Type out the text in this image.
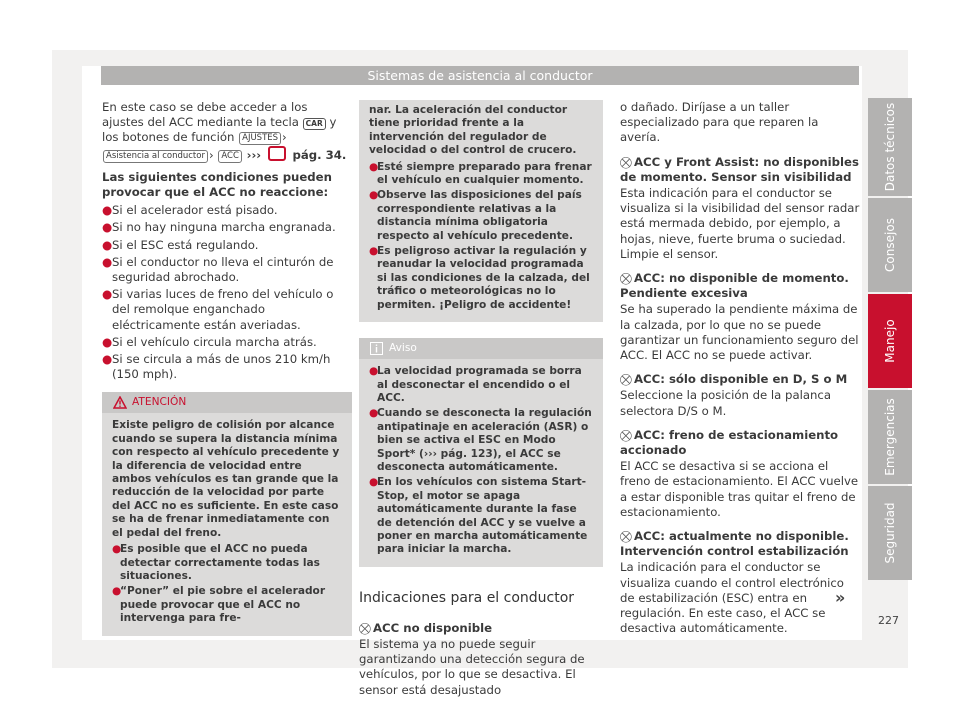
Sistemas de asistencia al conductor

En este caso se debe acceder a los ajustes del ACC mediante la tecla CAR y los botones de función AJUSTES › Asistencia al conductor › ACC ›››	pág. 34.

Las siguientes condiciones pueden provocar que el ACC no reaccione:

● Si el acelerador está pisado.
● Si no hay ninguna marcha engranada.
● Si el ESC está regulando.
● Si el conductor no lleva el cinturón de seguridad abrochado.
● Si varias luces de freno del vehículo o del remolque enganchado eléctricamente están averiadas.
● Si el vehículo circula marcha atrás.
● Si se circula a más de unos 210 km/h (150 mph).
ATENCIÓN

Existe peligro de colisión por alcance cuando se supera la distancia mínima con respecto al vehículo precedente y la diferencia de velocidad entre ambos vehículos es tan grande que la reducción de la velocidad por parte del ACC no es suficiente. En este caso se ha de frenar inmediatamente con el pedal del freno.

●
Es posible que el ACC no pueda detectar correctamente todas las situaciones.
●
“Poner” el pie sobre el acelerador puede provocar que el ACC no intervenga para fre-

nar. La aceleración del conductor tiene prioridad frente a la intervención del regulador de velocidad o del control de crucero.

●
Esté siempre preparado para frenar el vehículo en cualquier momento.
●
Observe las disposiciones del país correspondiente relativas a la distancia mínima obligatoria respecto al vehículo precedente.
●
Es peligroso activar la regulación y reanudar la velocidad programada si las condiciones de la calzada, del tráfico o meteorológicas no lo permiten. ¡Peligro de accidente!
Aviso
●
La velocidad programada se borra al desconectar el encendido o el ACC.
●
Cuando se desconecta la regulación antipatinaje en aceleración (ASR) o bien se activa el ESC en Modo Sport* (››› pág. 123), el ACC se desconecta automáticamente.
●
En los vehículos con sistema Start-Stop, el motor se apaga automáticamente durante la fase de detención del ACC y se vuelve a poner en marcha automáticamente para iniciar la marcha.
Indicaciones para el conductor

⛒ ACC no disponible

El sistema ya no puede seguir garantizando una detección segura de vehículos, por lo que se desactiva. El sensor está desajustado

o dañado. Diríjase a un taller especializado para que reparen la avería.

⛒ ACC y Front Assist: no disponibles de momento. Sensor sin visibilidad

Esta indicación para el conductor se visualiza si la visibilidad del sensor radar está mermada debido, por ejemplo, a hojas, nieve, fuerte bruma o suciedad. Limpie el sensor.

⛒ ACC: no disponible de momento. Pendiente excesiva

Se ha superado la pendiente máxima de la calzada, por lo que no se puede garantizar un funcionamiento seguro del ACC. El ACC no se puede activar.

⛒ ACC: sólo disponible en D, S o M

Seleccione la posición de la palanca selectora D/S o M.

⛒ ACC: freno de estacionamiento accionado

El ACC se desactiva si se acciona el freno de estacionamiento. El ACC vuelve a estar disponible tras quitar el freno de estacionamiento.

⛒ ACC: actualmente no disponible. Intervención control estabilización

La indicación para el conductor se visualiza cuando el control electrónico de estabilización (ESC) entra en regulación. En este caso, el ACC se desactiva automáticamente.

»
Datos técnicos
Consejos
Manejo
Emergencias
Seguridad
227
